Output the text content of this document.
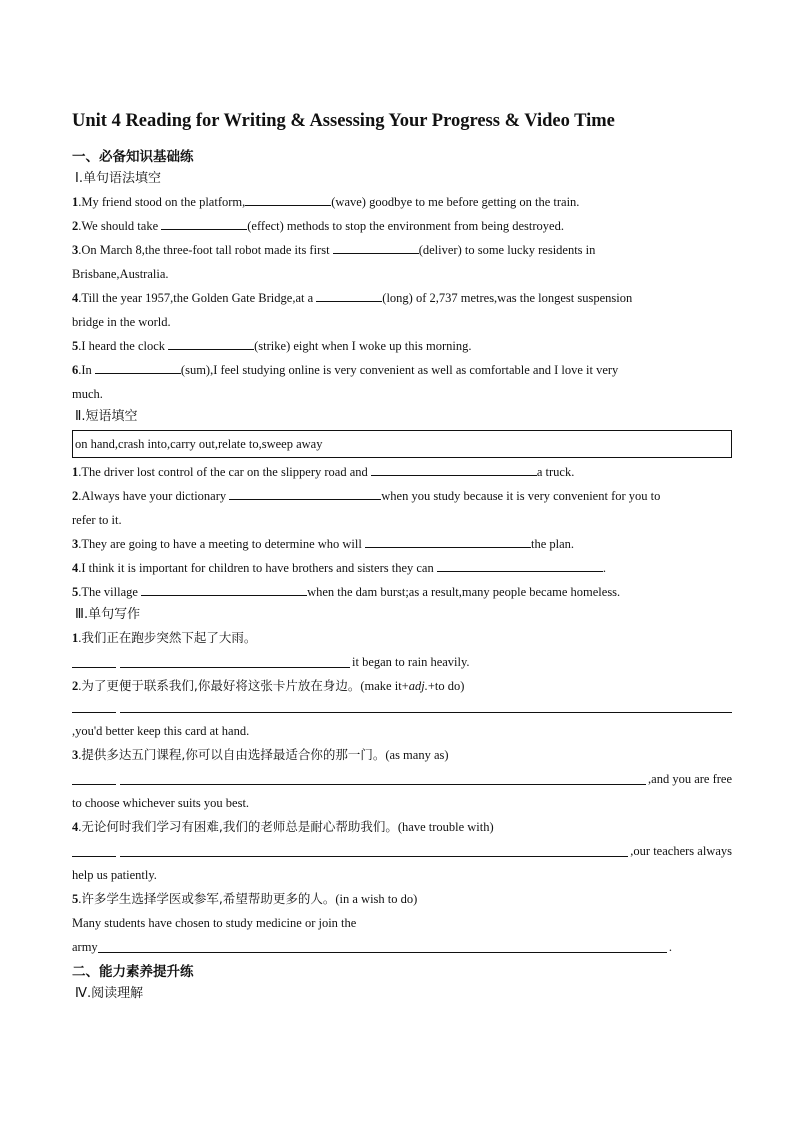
Unit 4 Reading for Writing & Assessing Your Progress & Video Time
一、必备知识基础练
Ⅰ.单句语法填空

1.My friend stood on the platform,	(wave) goodbye to me before getting on the train.

2.We should take	(effect) methods to stop the environment from being destroyed.

3.On March 8,the three-foot tall robot made its first	(deliver) to some lucky residents in
Brisbane,Australia.

4.Till the year 1957,the Golden Gate Bridge,at a	(long) of 2,737 metres,was the longest suspension
bridge in the world.

5.I heard the clock	(strike) eight when I woke up this morning.

6.In	(sum),I feel studying online is very convenient as well as comfortable and I love it very
much.

Ⅱ.短语填空
on hand,crash into,carry out,relate to,sweep away

1.The driver lost control of the car on the slippery road and	a truck.

2.Always have your dictionary	when you study because it is very convenient for you to
refer to it.

3.They are going to have a meeting to determine who will	the plan.

4.I think it is important for children to have brothers and sisters they can	.

5.The village	when the dam burst;as a result,many people became homeless.

Ⅲ.单句写作

1.我们正在跑步突然下起了大雨。

it began to rain heavily.

2.为了更便于联系我们,你最好将这张卡片放在身边。(make it+adj.+to do)

,you'd better keep this card at hand.

3.提供多达五门课程,你可以自由选择最适合你的那一门。(as many as)

,and you are free

to choose whichever suits you best.

4.无论何时我们学习有困难,我们的老师总是耐心帮助我们。(have trouble with)

,our teachers always

help us patiently.

5.许多学生选择学医或参军,希望帮助更多的人。(in a wish to do)

Many students have chosen to study medicine or join the

army	.
二、能力素养提升练
Ⅳ.阅读理解
